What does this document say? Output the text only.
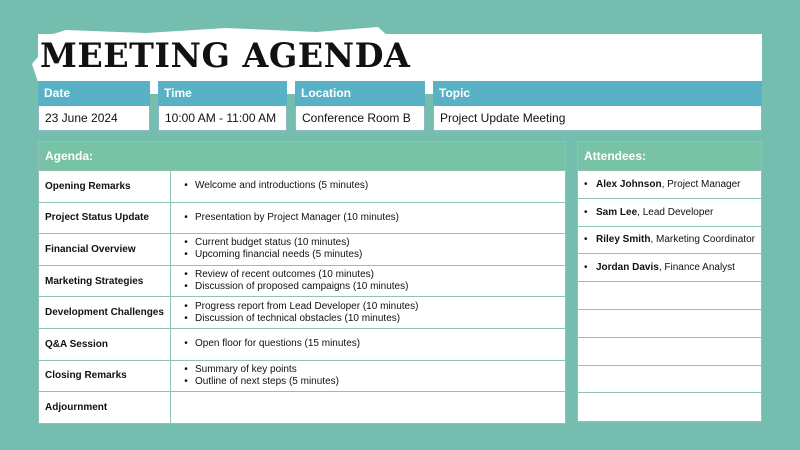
MEETING AGENDA
Date
23 June 2024
Time
10:00 AM - 11:00 AM
Location
Conference Room B
Topic
Project Update Meeting
Agenda:
Opening Remarks	• Welcome and introductions (5 minutes)
Project Status Update	• Presentation by Project Manager (10 minutes)
Financial Overview
• Current budget status (10 minutes)
• Upcoming financial needs (5 minutes)
Marketing Strategies
• Review of recent outcomes (10 minutes)
• Discussion of proposed campaigns (10 minutes)
Development Challenges
• Progress report from Lead Developer (10 minutes)
• Discussion of technical obstacles (10 minutes)
Q&A Session	• Open floor for questions (15 minutes)
Closing Remarks
• Summary of key points
• Outline of next steps (5 minutes)
Adjournment
Attendees:
• Alex Johnson , Project Manager
• Sam Lee , Lead Developer
• Riley Smith , Marketing Coordinator
• Jordan Davis , Finance Analyst
